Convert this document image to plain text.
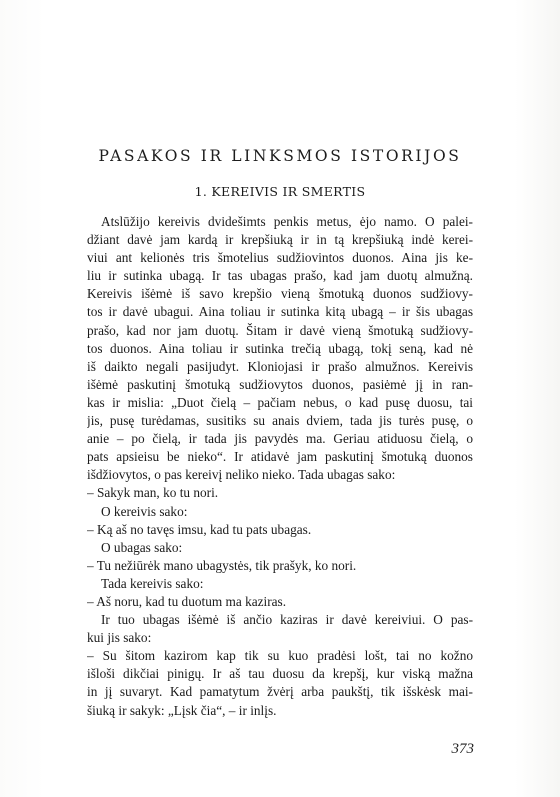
PASAKOS IR LINKSMOS ISTORIJOS
1. KEREIVIS IR SMERTIS
Atslūžijo kereivis dvidešimts penkis metus, ėjo namo. O palei-
džiant davė jam kardą ir krepšiuką ir in tą krepšiuką indė kerei-
viui ant kelionės tris šmotelius sudžiovintos duonos. Aina jis ke-
liu ir sutinka ubagą. Ir tas ubagas prašo, kad jam duotų almužną.
Kereivis išėmė iš savo krepšio vieną šmotuką duonos sudžiovy-
tos ir davė ubagui. Aina toliau ir sutinka kitą ubagą – ir šis ubagas
prašo, kad nor jam duotų. Šitam ir davė vieną šmotuką sudžiovy-
tos duonos. Aina toliau ir sutinka trečią ubagą, tokį seną, kad nė
iš daikto negali pasijudyt. Kloniojasi ir prašo almužnos. Kereivis
išėmė paskutinį šmotuką sudžiovytos duonos, pasiėmė jį in ran-
kas ir mislia: „Duot čielą – pačiam nebus, o kad pusę duosu, tai
jis, pusę turėdamas, susitiks su anais dviem, tada jis turės pusę, o
anie – po čielą, ir tada jis pavydės ma. Geriau atiduosu čielą, o
pats apsieisu be nieko“. Ir atidavė jam paskutinį šmotuką duonos
išdžiovytos, o pas kereivį neliko nieko. Tada ubagas sako:
– Sakyk man, ko tu nori.
O kereivis sako:
– Ką aš no tavęs imsu, kad tu pats ubagas.
O ubagas sako:
– Tu nežiūrėk mano ubagystės, tik prašyk, ko nori.
Tada kereivis sako:
– Aš noru, kad tu duotum ma kaziras.
Ir tuo ubagas išėmė iš ančio kaziras ir davė kereiviui. O pas-
kui jis sako:
– Su šitom kazirom kap tik su kuo pradėsi lošt, tai no kožno
išloši dikčiai pinigų. Ir aš tau duosu da krepšį, kur viską mažna
in jį suvaryt. Kad pamatytum žvėrį arba paukštį, tik išskėsk mai-
šiuką ir sakyk: „Lįsk čia“, – ir inlįs.
373
